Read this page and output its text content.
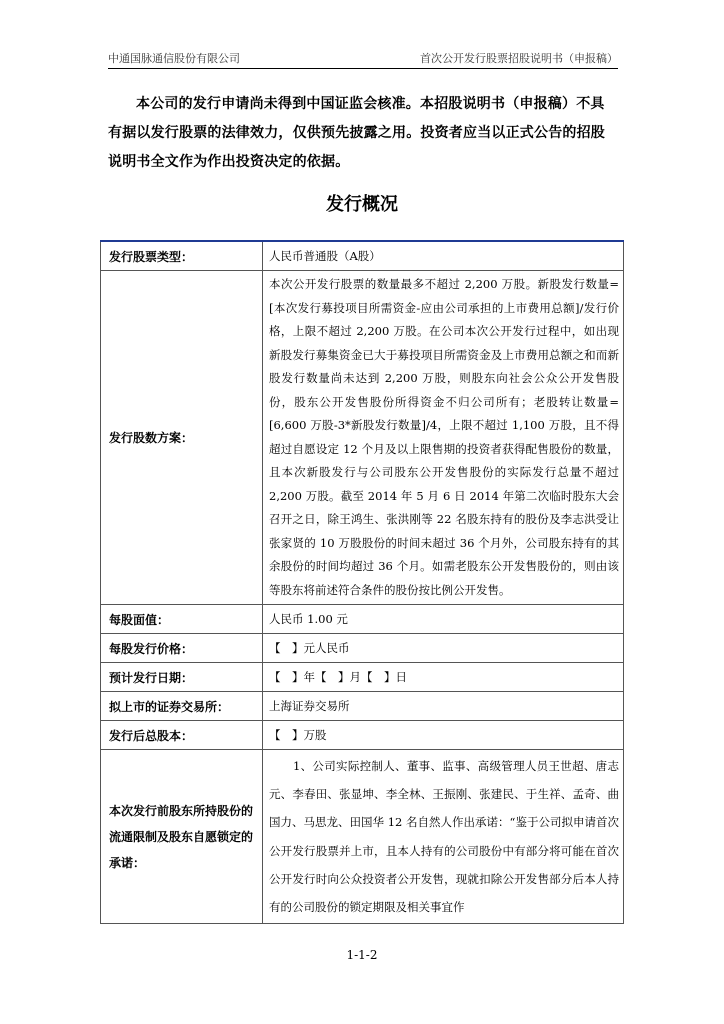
中通国脉通信股份有限公司	首次公开发行股票招股说明书（申报稿）
本公司的发行申请尚未得到中国证监会核准。本招股说明书（申报稿）不具有据以发行股票的法律效力，仅供预先披露之用。投资者应当以正式公告的招股说明书全文作为作出投资决定的依据。
发行概况
发行股票类型：	人民币普通股（A股）
发行股数方案：	本次公开发行股票的数量最多不超过 2,200 万股。新股发行数量=[本次发行募投项目所需资金-应由公司承担的上市费用总额]/发行价格，上限不超过 2,200 万股。在公司本次公开发行过程中，如出现新股发行募集资金已大于募投项目所需资金及上市费用总额之和而新股发行数量尚未达到 2,200 万股，则股东向社会公众公开发售股份，股东公开发售股份所得资金不归公司所有；老股转让数量=[6,600 万股-3*新股发行数量]/4，上限不超过 1,100 万股，且不得超过自愿设定 12 个月及以上限售期的投资者获得配售股份的数量，且本次新股发行与公司股东公开发售股份的实际发行总量不超过 2,200 万股。截至 2014 年 5 月 6 日 2014 年第二次临时股东大会召开之日，除王鸿生、张洪刚等 22 名股东持有的股份及李志洪受让张家贤的 10 万股股份的时间未超过 36 个月外，公司股东持有的其余股份的时间均超过 36 个月。如需老股东公开发售股份的，则由该等股东将前述符合条件的股份按比例公开发售。
每股面值：	人民币 1.00 元
每股发行价格：	【　】元人民币
预计发行日期：	【　】年【　】月【　】日
拟上市的证券交易所：	上海证券交易所
发行后总股本：	【　】万股
本次发行前股东所持股份的流通限制及股东自愿锁定的承诺：	1、公司实际控制人、董事、监事、高级管理人员王世超、唐志元、李春田、张显坤、李全林、王振刚、张建民、于生祥、孟奇、曲国力、马思龙、田国华 12 名自然人作出承诺：“鉴于公司拟申请首次公开发行股票并上市，且本人持有的公司股份中有部分将可能在首次公开发行时向公众投资者公开发售，现就扣除公开发售部分后本人持有的公司股份的锁定期限及相关事宜作
1-1-2
